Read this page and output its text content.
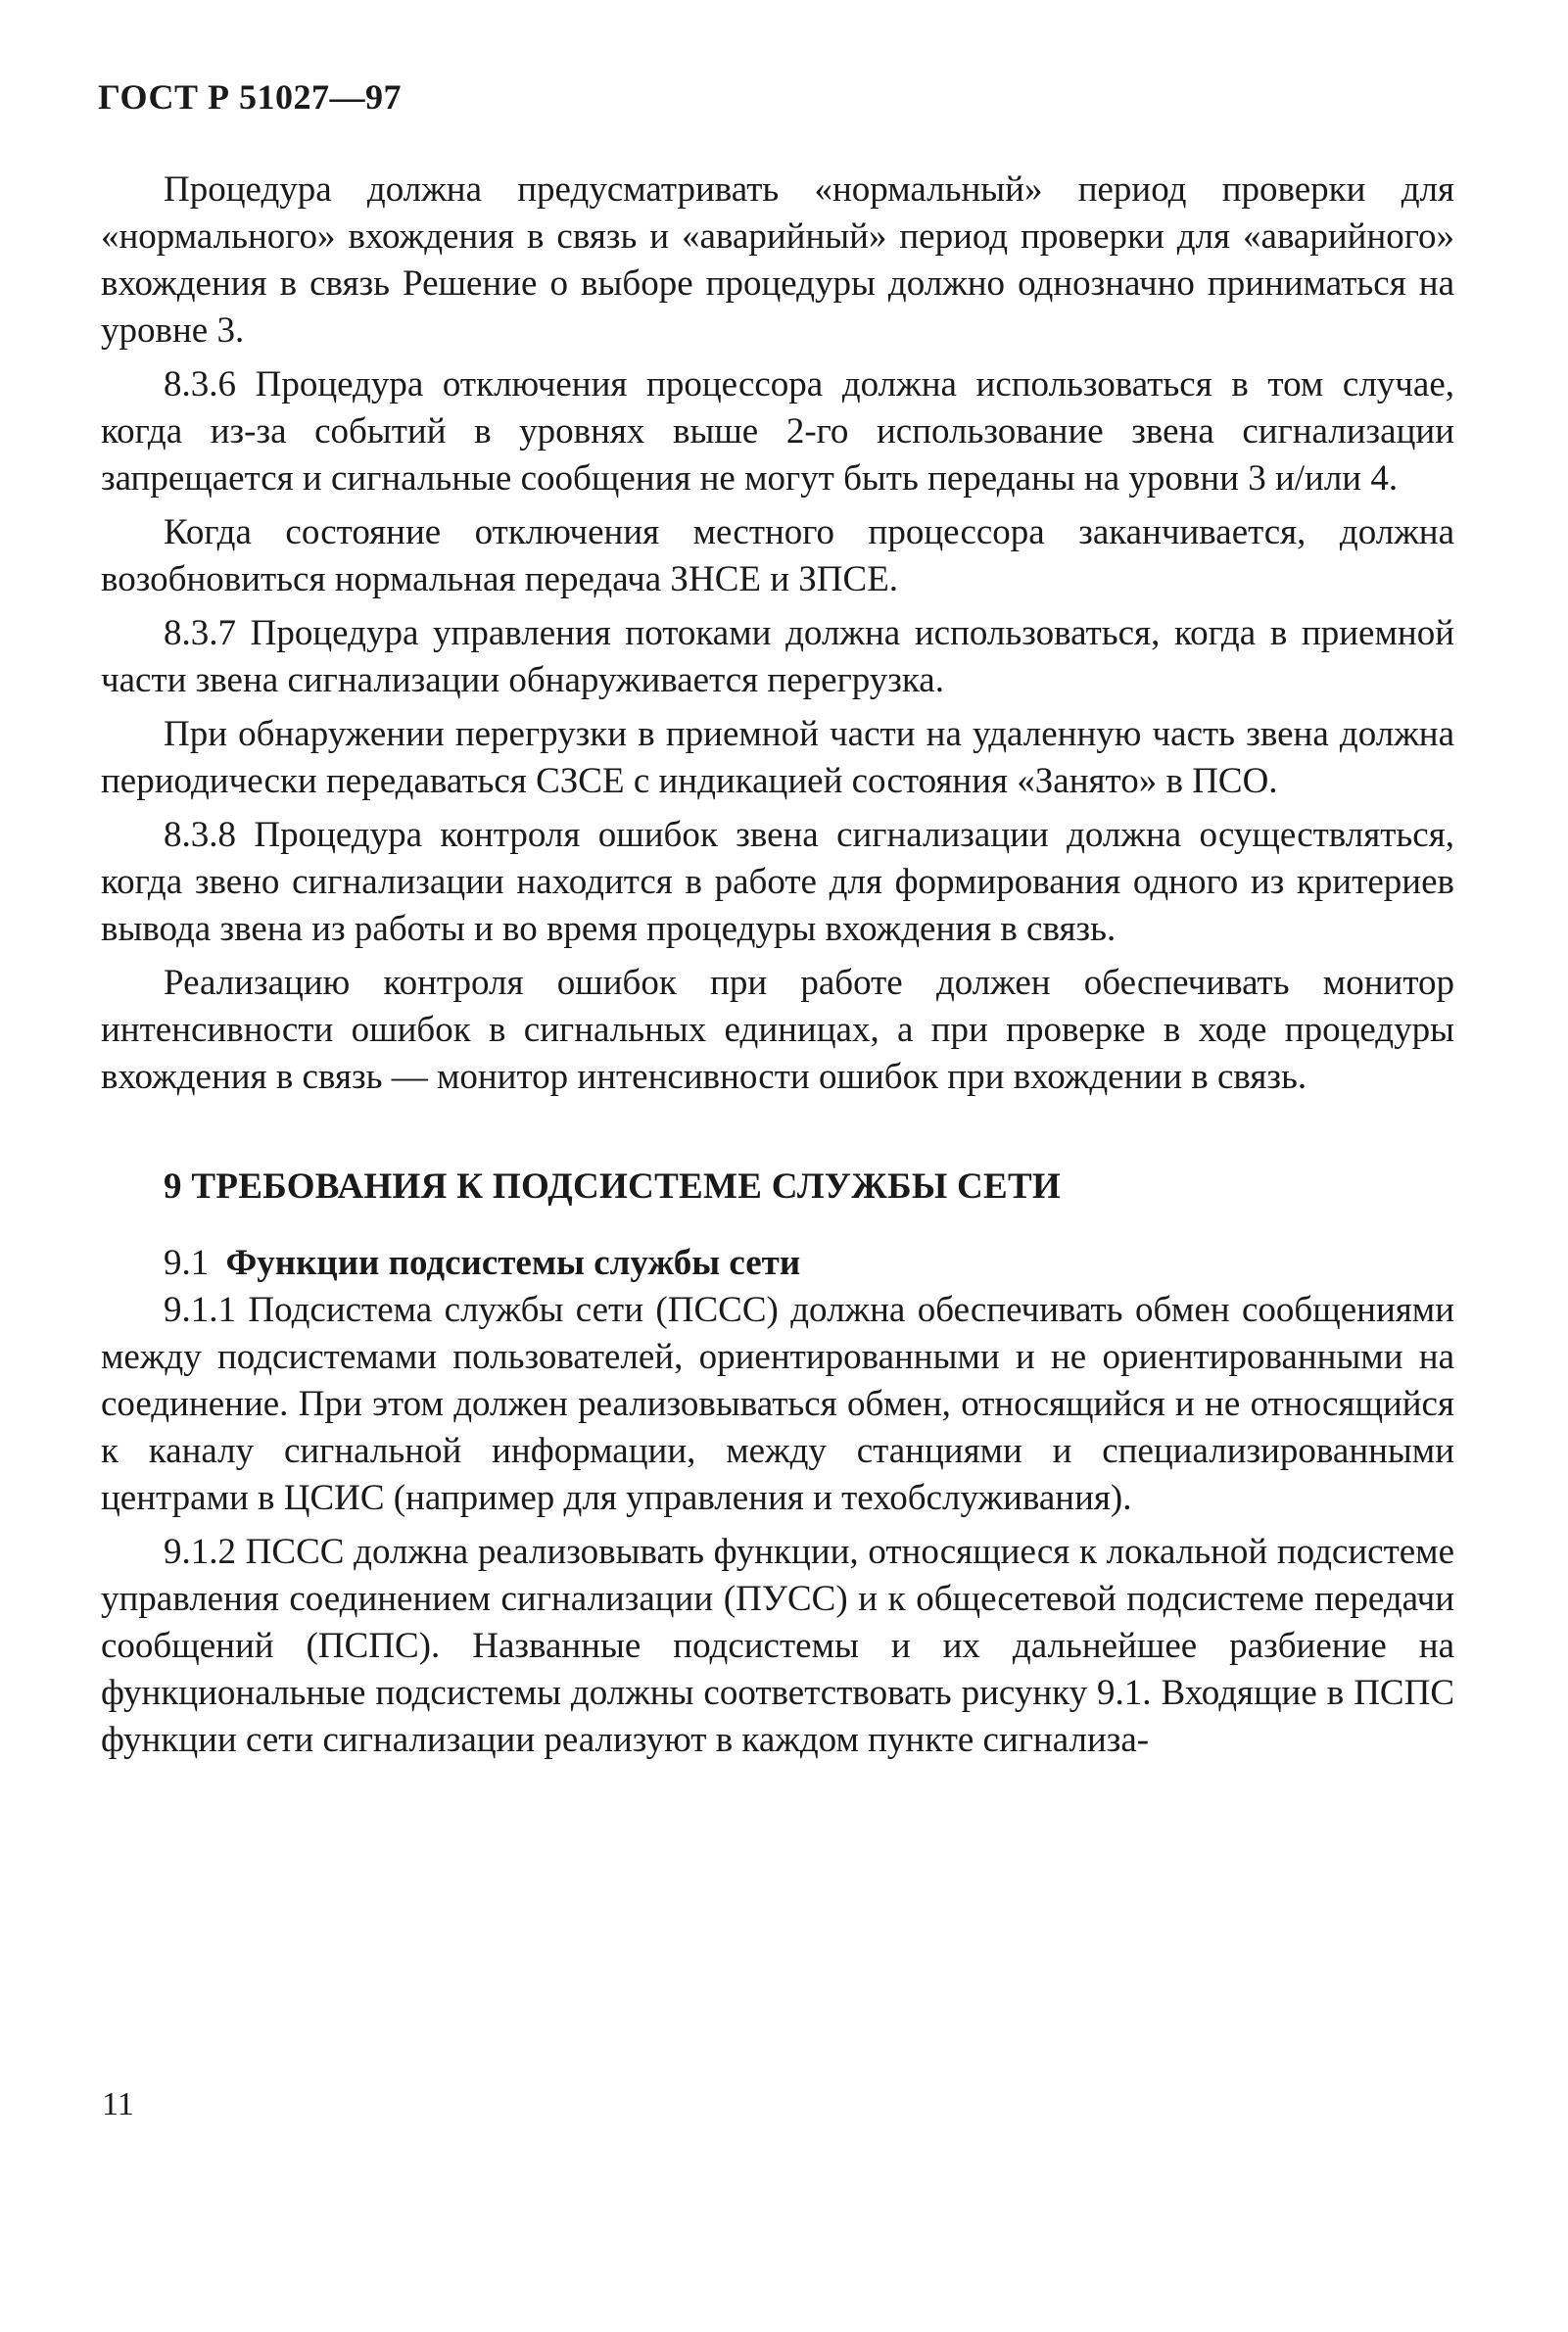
ГОСТ Р 51027—97

Процедура должна предусматривать «нормальный» период проверки для «нормального» вхождения в связь и «аварийный» период проверки для «аварийного» вхождения в связь Решение о выборе процедуры должно однозначно приниматься на уровне 3.

8.3.6 Процедура отключения процессора должна использоваться в том случае, когда из-за событий в уровнях выше 2-го использование звена сигнализации запрещается и сигнальные сообщения не могут быть переданы на уровни 3 и/или 4.

Когда состояние отключения местного процессора заканчивается, должна возобновиться нормальная передача ЗНСЕ и ЗПСЕ.

8.3.7 Процедура управления потоками должна использоваться, когда в приемной части звена сигнализации обнаруживается перегрузка.

При обнаружении перегрузки в приемной части на удаленную часть звена должна периодически передаваться СЗСЕ с индикацией состояния «Занято» в ПСО.

8.3.8 Процедура контроля ошибок звена сигнализации должна осуществляться, когда звено сигнализации находится в работе для формирования одного из критериев вывода звена из работы и во время процедуры вхождения в связь.

Реализацию контроля ошибок при работе должен обеспечивать монитор интенсивности ошибок в сигнальных единицах, а при проверке в ходе процедуры вхождения в связь — монитор интенсивности ошибок при вхождении в связь.

9 ТРЕБОВАНИЯ К ПОДСИСТЕМЕ СЛУЖБЫ СЕТИ

9.1 Функции подсистемы службы сети

9.1.1 Подсистема службы сети (ПССС) должна обеспечивать обмен сообщениями между подсистемами пользователей, ориентированными и не ориентированными на соединение. При этом должен реализовываться обмен, относящийся и не относящийся к каналу сигнальной информации, между станциями и специализированными центрами в ЦСИС (например для управления и техобслуживания).

9.1.2 ПССС должна реализовывать функции, относящиеся к локальной подсистеме управления соединением сигнализации (ПУСС) и к общесетевой подсистеме передачи сообщений (ПСПС). Названные подсистемы и их дальнейшее разбиение на функциональные подсистемы должны соответствовать рисунку 9.1. Входящие в ПСПС функции сети сигнализации реализуют в каждом пункте сигнализа-

11
